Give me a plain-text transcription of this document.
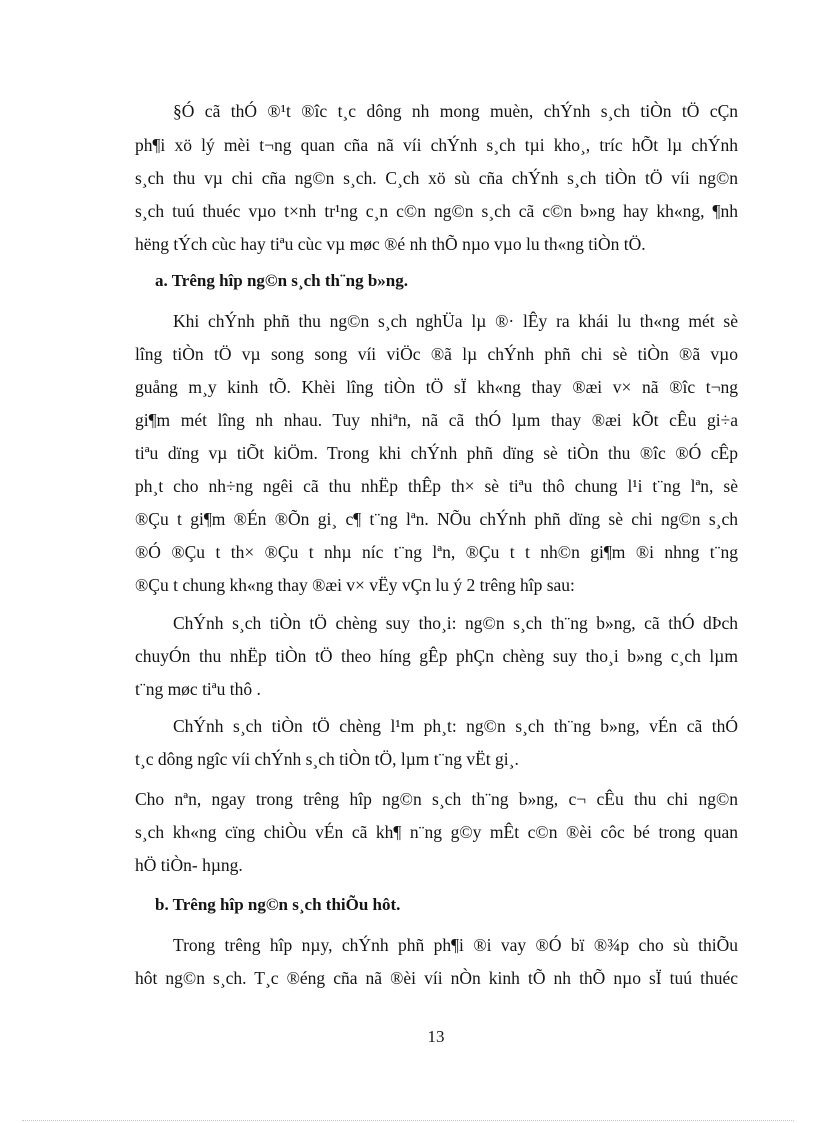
§Ó cã thÓ ®¹t ®îc t¸c dông nh mong muèn, chÝnh s¸ch tiÒn tÖ cÇn
ph¶i xö lý mèi t¬ng quan cña nã víi chÝnh s¸ch tµi kho¸, tríc hÕt lµ chÝnh
s¸ch thu vµ chi cña ng©n s¸ch. C¸ch xö sù cña chÝnh s¸ch tiÒn tÖ víi ng©n
s¸ch tuú thuéc vµo t×nh tr¹ng c¸n c©n ng©n s¸ch cã c©n b»ng hay kh«ng, ¶nh
hëng tÝch cùc hay tiªu cùc vµ møc ®é nh thÕ nµo vµo lu th«ng tiÒn tÖ.
a. Trêng hîp ng©n s¸ch th¨ng b»ng.
Khi chÝnh phñ thu ng©n s¸ch nghÜa lµ ®· lÊy ra khái lu th«ng mét sè
lîng tiÒn tÖ vµ song song víi viÖc ®ã lµ chÝnh phñ chi sè tiÒn ®ã vµo
guång m¸y kinh tÕ. Khèi lîng tiÒn tÖ sÏ kh«ng thay ®æi v× nã ®îc t¬ng
gi¶m mét lîng nh nhau. Tuy nhiªn, nã cã thÓ lµm thay ®æi kÕt cÊu gi÷a
tiªu dïng vµ tiÕt kiÖm. Trong khi chÝnh phñ dïng sè tiÒn thu ®îc ®Ó cÊp
ph¸t cho nh÷ng ngêi cã thu nhËp thÊp th× sè tiªu thô chung l¹i t¨ng lªn, sè
®Çu t gi¶m ®Én ®Õn gi¸ c¶ t¨ng lªn. NÕu chÝnh phñ dïng sè chi ng©n s¸ch
®Ó ®Çu t th× ®Çu t nhµ níc t¨ng lªn, ®Çu t t nh©n gi¶m ®i nhng t¨ng
®Çu t chung kh«ng thay ®æi v× vËy vÇn lu ý 2 trêng hîp sau:
ChÝnh s¸ch tiÒn tÖ chèng suy tho¸i: ng©n s¸ch th¨ng b»ng, cã thÓ dÞch
chuyÓn thu nhËp tiÒn tÖ theo híng gÊp phÇn chèng suy tho¸i b»ng c¸ch lµm
t¨ng møc tiªu thô .
ChÝnh s¸ch tiÒn tÖ chèng l¹m ph¸t: ng©n s¸ch th¨ng b»ng, vÉn cã thÓ
t¸c dông ngîc víi chÝnh s¸ch tiÒn tÖ, lµm t¨ng vËt gi¸.
Cho nªn, ngay trong trêng hîp ng©n s¸ch th¨ng b»ng, c¬ cÊu thu chi ng©n
s¸ch kh«ng cïng chiÒu vÉn cã kh¶ n¨ng g©y mÊt c©n ®èi côc bé trong quan
hÖ tiÒn- hµng.
b. Trêng hîp ng©n s¸ch thiÕu hôt.
Trong trêng hîp nµy, chÝnh phñ ph¶i ®i vay ®Ó bï ®¾p cho sù thiÕu
hôt ng©n s¸ch. T¸c ®éng cña nã ®èi víi nÒn kinh tÕ nh thÕ nµo sÏ tuú thuéc
13
